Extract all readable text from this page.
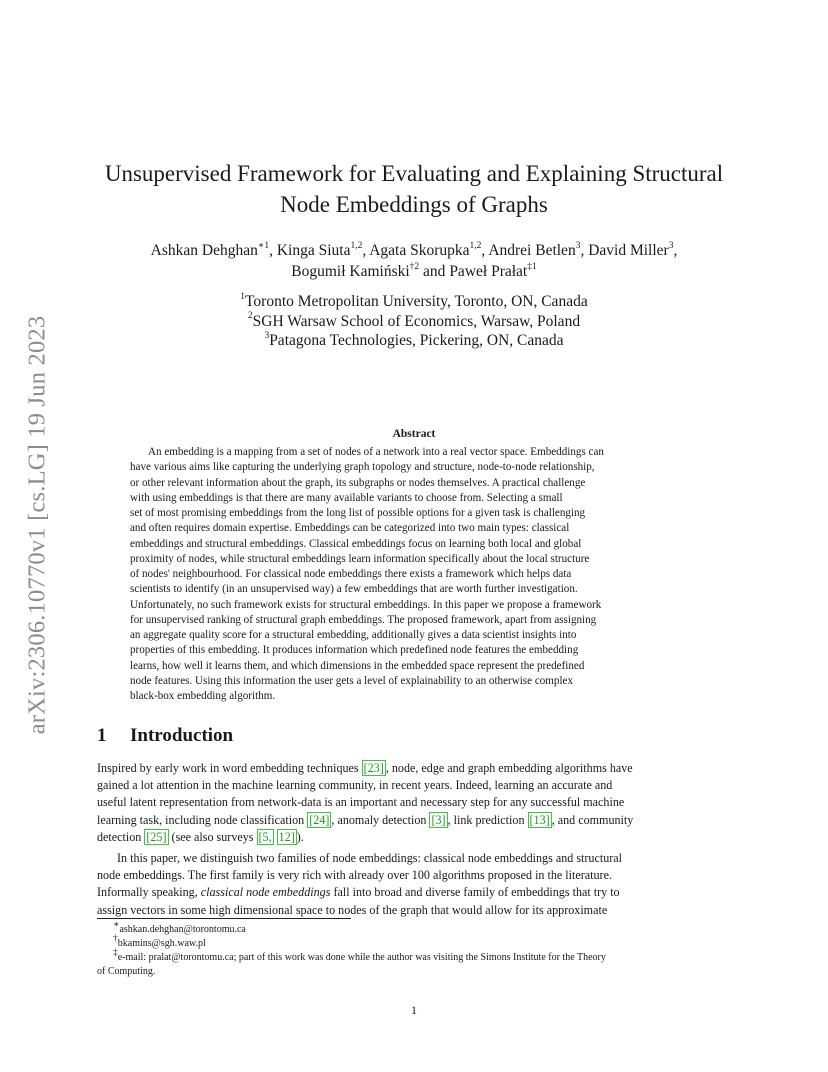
arXiv:2306.10770v1 [cs.LG] 19 Jun 2023
Unsupervised Framework for Evaluating and Explaining Structural
Node Embeddings of Graphs
Ashkan Dehghan$^{∗1}$, Kinga Siuta$^{1,2}$, Agata Skorupka$^{1,2}$, Andrei Betlen$^3$, David Miller$^3$,
Bogumił Kamiński$^{\dagger 2}$ and Paweł Prałat$^{\ddagger 1}$
$^1$Toronto Metropolitan University, Toronto, ON, Canada
$^2$SGH Warsaw School of Economics, Warsaw, Poland
$^3$Patagona Technologies, Pickering, ON, Canada
Abstract
An embedding is a mapping from a set of nodes of a network into a real vector space. Embeddings can
have various aims like capturing the underlying graph topology and structure, node-to-node relationship,
or other relevant information about the graph, its subgraphs or nodes themselves. A practical challenge
with using embeddings is that there are many available variants to choose from. Selecting a small
set of most promising embeddings from the long list of possible options for a given task is challenging
and often requires domain expertise. Embeddings can be categorized into two main types: classical
embeddings and structural embeddings. Classical embeddings focus on learning both local and global
proximity of nodes, while structural embeddings learn information specifically about the local structure
of nodes' neighbourhood. For classical node embeddings there exists a framework which helps data
scientists to identify (in an unsupervised way) a few embeddings that are worth further investigation.
Unfortunately, no such framework exists for structural embeddings. In this paper we propose a framework
for unsupervised ranking of structural graph embeddings. The proposed framework, apart from assigning
an aggregate quality score for a structural embedding, additionally gives a data scientist insights into
properties of this embedding. It produces information which predefined node features the embedding
learns, how well it learns them, and which dimensions in the embedded space represent the predefined
node features. Using this information the user gets a level of explainability to an otherwise complex
black-box embedding algorithm.
1 Introduction
Inspired by early work in word embedding techniques [23] , node, edge and graph embedding algorithms have
gained a lot attention in the machine learning community, in recent years. Indeed, learning an accurate and
useful latent representation from network-data is an important and necessary step for any successful machine
learning task, including node classification [24] , anomaly detection [3] , link prediction [13] , and community
detection [25] (see also surveys [5, 12] ).
In this paper, we distinguish two families of node embeddings: classical node embeddings and structural
node embeddings. The first family is very rich with already over 100 algorithms proposed in the literature.
Informally speaking, classical node embeddings fall into broad and diverse family of embeddings that try to
assign vectors in some high dimensional space to nodes of the graph that would allow for its approximate
∗ashkan.dehghan@torontomu.ca
†bkamins@sgh.waw.pl
‡e-mail: pralat@torontomu.ca; part of this work was done while the author was visiting the Simons Institute for the Theory
of Computing.
1
